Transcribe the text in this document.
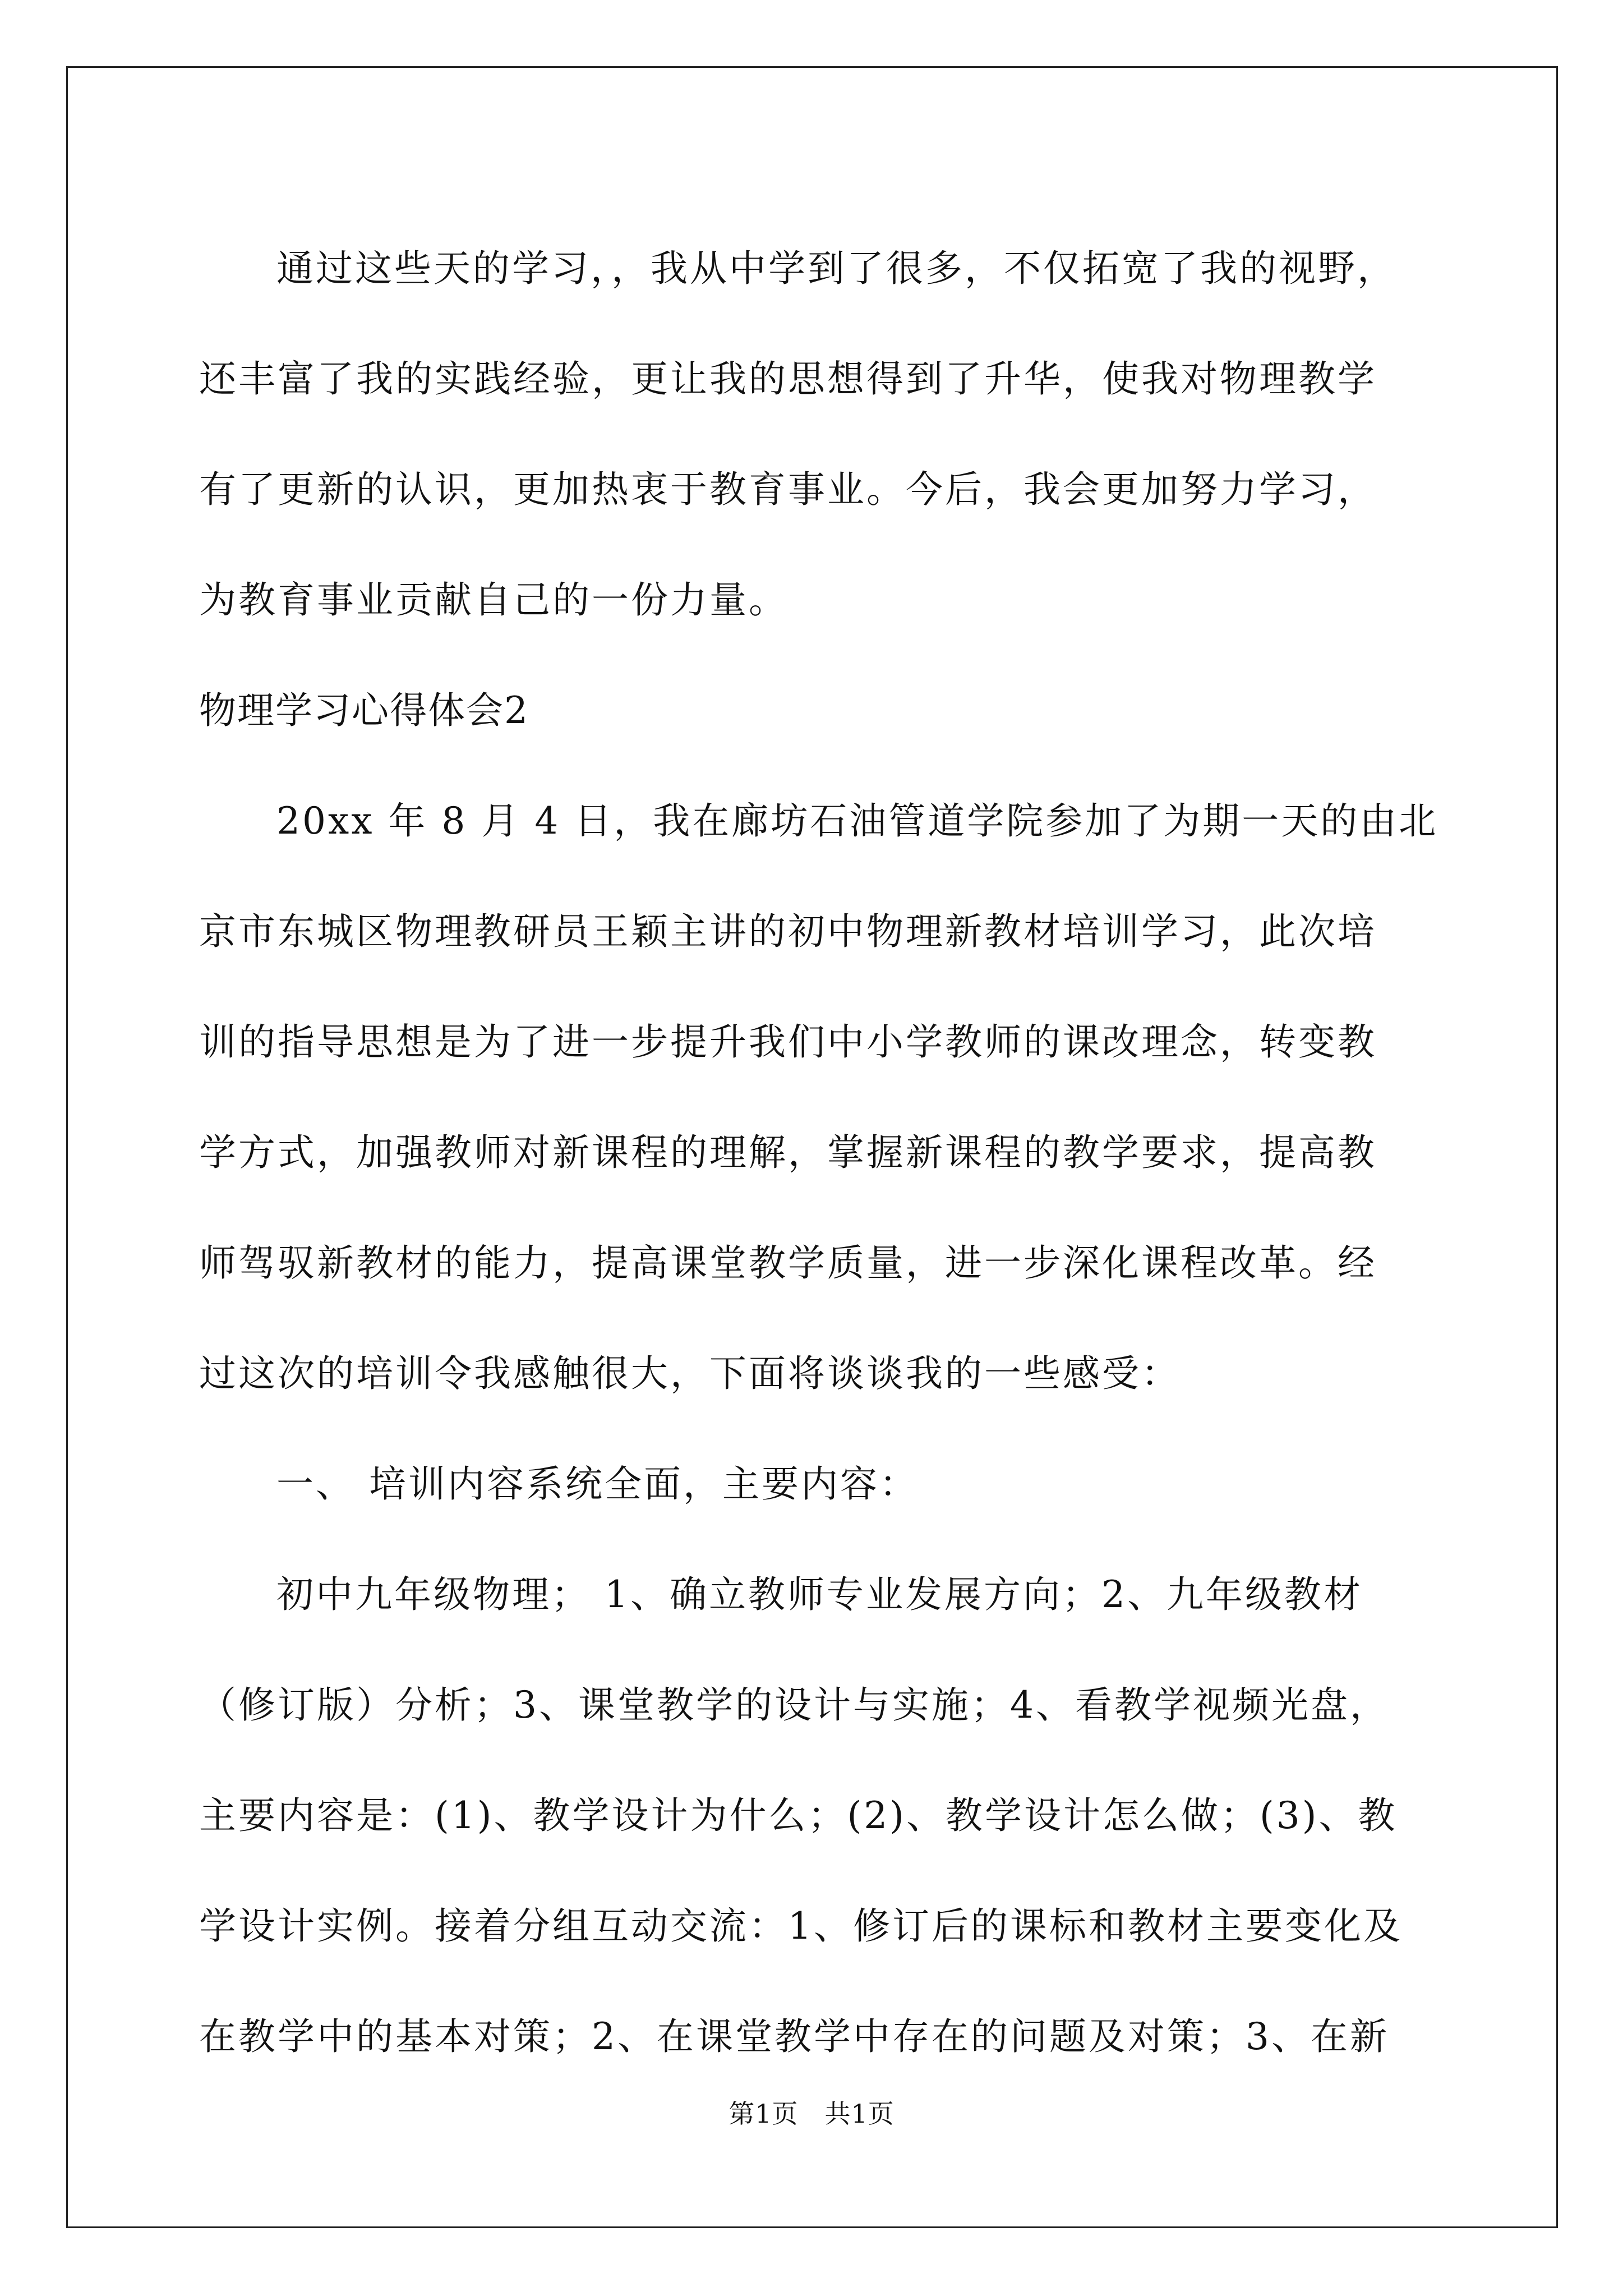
通过这些天的学习，，我从中学到了很多，不仅拓宽了我的视野，
还丰富了我的实践经验，更让我的思想得到了升华，使我对物理教学
有了更新的认识，更加热衷于教育事业。今后，我会更加努力学习，
为教育事业贡献自己的一份力量。
物理学习心得体会2
20xx 年 8 月 4 日，我在廊坊石油管道学院参加了为期一天的由北
京市东城区物理教研员王颖主讲的初中物理新教材培训学习，此次培
训的指导思想是为了进一步提升我们中小学教师的课改理念，转变教
学方式，加强教师对新课程的理解，掌握新课程的教学要求，提高教
师驾驭新教材的能力，提高课堂教学质量，进一步深化课程改革。经
过这次的培训令我感触很大，下面将谈谈我的一些感受：
一、 培训内容系统全面，主要内容：
初中九年级物理； 1、确立教师专业发展方向；2、九年级教材
（修订版）分析；3、课堂教学的设计与实施；4、看教学视频光盘，
主要内容是：(1)、教学设计为什么；(2)、教学设计怎么做；(3)、教
学设计实例。接着分组互动交流：1、修订后的课标和教材主要变化及
在教学中的基本对策；2、在课堂教学中存在的问题及对策；3、在新
第1页　共1页
